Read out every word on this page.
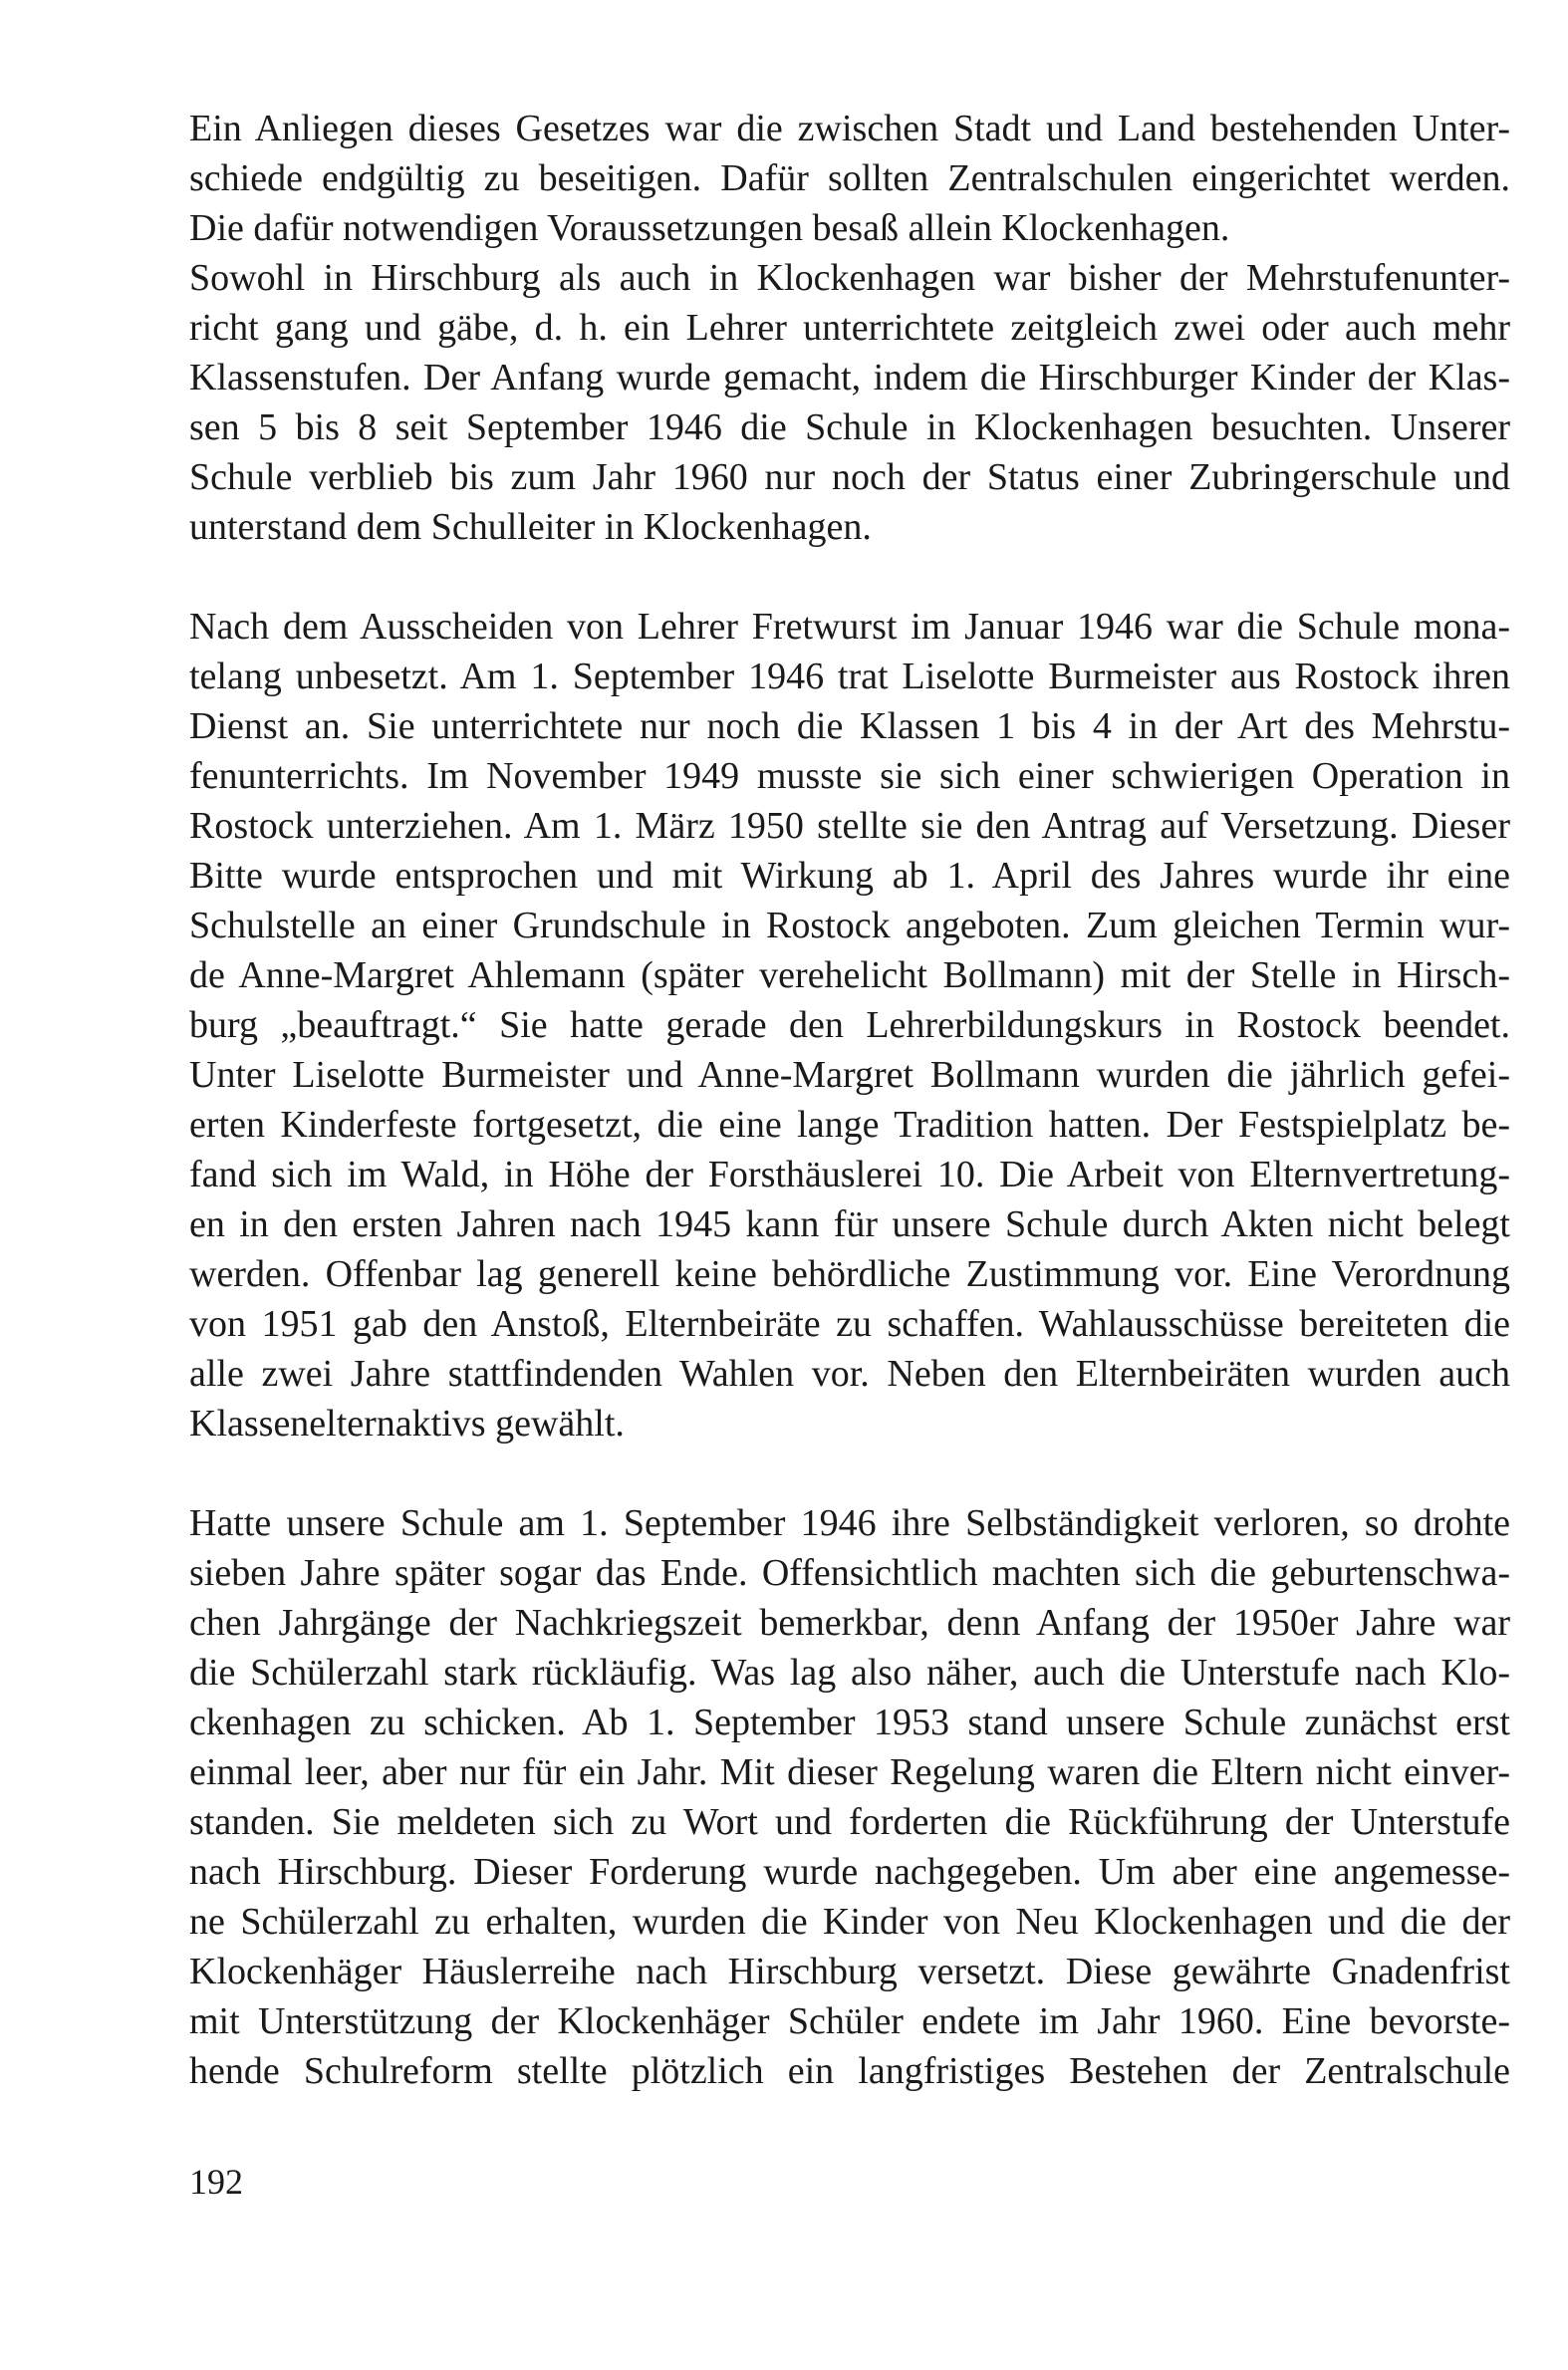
Ein Anliegen dieses Gesetzes war die zwischen Stadt und Land bestehenden Unter-
schiede endgültig zu beseitigen. Dafür sollten Zentralschulen eingerichtet werden.
Die dafür notwendigen Voraussetzungen besaß allein Klockenhagen.
Sowohl in Hirschburg als auch in Klockenhagen war bisher der Mehrstufenunter-
richt gang und gäbe, d. h. ein Lehrer unterrichtete zeitgleich zwei oder auch mehr
Klassenstufen. Der Anfang wurde gemacht, indem die Hirschburger Kinder der Klas-
sen 5 bis 8 seit September 1946 die Schule in Klockenhagen besuchten. Unserer
Schule verblieb bis zum Jahr 1960 nur noch der Status einer Zubringerschule und
unterstand dem Schulleiter in Klockenhagen.
Nach dem Ausscheiden von Lehrer Fretwurst im Januar 1946 war die Schule mona-
telang unbesetzt. Am 1. September 1946 trat Liselotte Burmeister aus Rostock ihren
Dienst an. Sie unterrichtete nur noch die Klassen 1 bis 4 in der Art des Mehrstu-
fenunterrichts. Im November 1949 musste sie sich einer schwierigen Operation in
Rostock unterziehen. Am 1. März 1950 stellte sie den Antrag auf Versetzung. Dieser
Bitte wurde entsprochen und mit Wirkung ab 1. April des Jahres wurde ihr eine
Schulstelle an einer Grundschule in Rostock angeboten. Zum gleichen Termin wur-
de Anne-Margret Ahlemann (später verehelicht Bollmann) mit der Stelle in Hirsch-
burg „beauftragt.“ Sie hatte gerade den Lehrerbildungskurs in Rostock beendet.
Unter Liselotte Burmeister und Anne-Margret Bollmann wurden die jährlich gefei-
erten Kinderfeste fortgesetzt, die eine lange Tradition hatten. Der Festspielplatz be-
fand sich im Wald, in Höhe der Forsthäuslerei 10. Die Arbeit von Elternvertretung-
en in den ersten Jahren nach 1945 kann für unsere Schule durch Akten nicht belegt
werden. Offenbar lag generell keine behördliche Zustimmung vor. Eine Verordnung
von 1951 gab den Anstoß, Elternbeiräte zu schaffen. Wahlausschüsse bereiteten die
alle zwei Jahre stattfindenden Wahlen vor. Neben den Elternbeiräten wurden auch
Klassenelternaktivs gewählt.
Hatte unsere Schule am 1. September 1946 ihre Selbständigkeit verloren, so drohte
sieben Jahre später sogar das Ende. Offensichtlich machten sich die geburtenschwa-
chen Jahrgänge der Nachkriegszeit bemerkbar, denn Anfang der 1950er Jahre war
die Schülerzahl stark rückläufig. Was lag also näher, auch die Unterstufe nach Klo-
ckenhagen zu schicken. Ab 1. September 1953 stand unsere Schule zunächst erst
einmal leer, aber nur für ein Jahr. Mit dieser Regelung waren die Eltern nicht einver-
standen. Sie meldeten sich zu Wort und forderten die Rückführung der Unterstufe
nach Hirschburg. Dieser Forderung wurde nachgegeben. Um aber eine angemesse-
ne Schülerzahl zu erhalten, wurden die Kinder von Neu Klockenhagen und die der
Klockenhäger Häuslerreihe nach Hirschburg versetzt. Diese gewährte Gnadenfrist
mit Unterstützung der Klockenhäger Schüler endete im Jahr 1960. Eine bevorste-
hende Schulreform stellte plötzlich ein langfristiges Bestehen der Zentralschule
192
